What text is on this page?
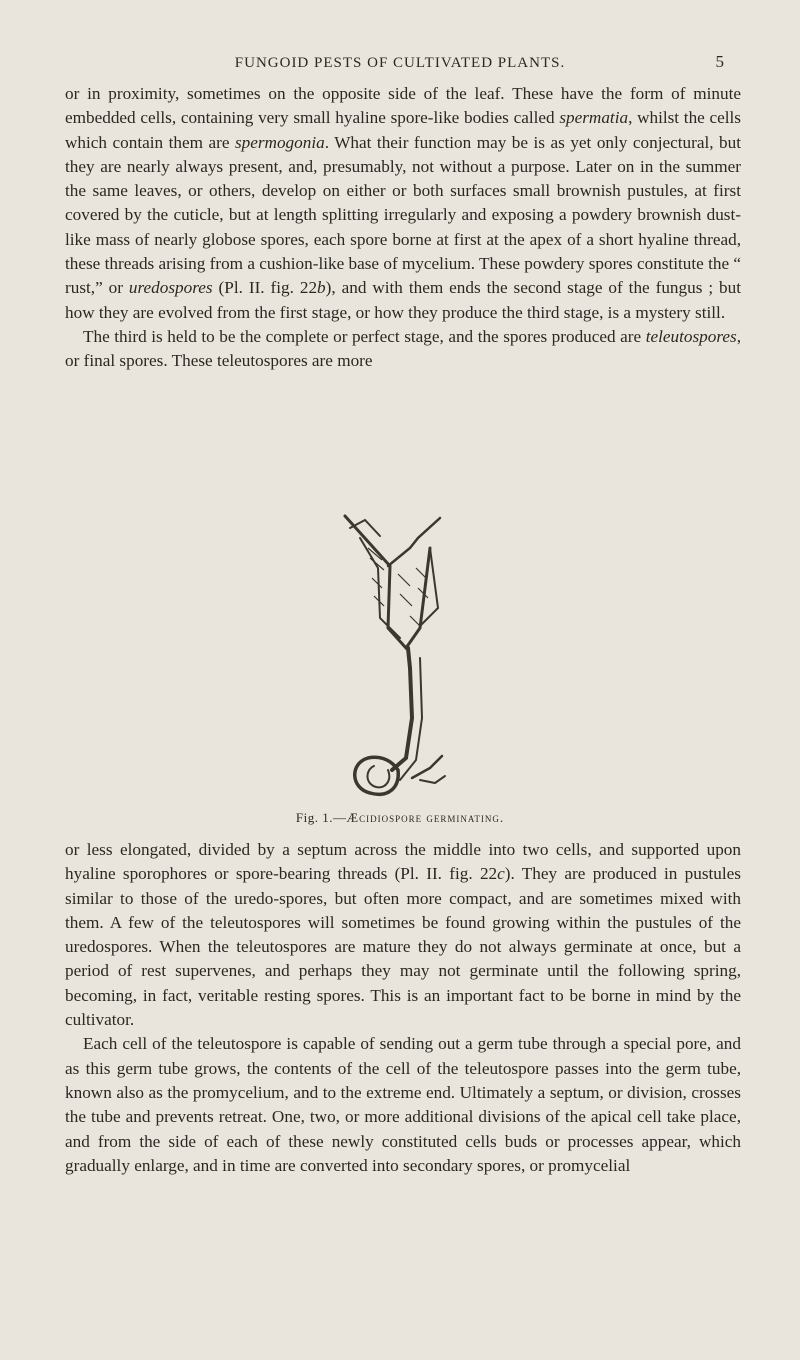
FUNGOID PESTS OF CULTIVATED PLANTS.	5

or in proximity, sometimes on the opposite side of the leaf. These have the form of minute embedded cells, containing very small hyaline spore-like bodies called spermatia, whilst the cells which contain them are spermogonia. What their function may be is as yet only conjectural, but they are nearly always present, and, presumably, not without a purpose. Later on in the summer the same leaves, or others, develop on either or both surfaces small brownish pustules, at first covered by the cuticle, but at length splitting irregularly and exposing a powdery brownish dust-like mass of nearly globose spores, each spore borne at first at the apex of a short hyaline thread, these threads arising from a cushion-like base of mycelium. These powdery spores constitute the “ rust,” or uredospores (Pl. II. fig. 22b), and with them ends the second stage of the fungus ; but how they are evolved from the first stage, or how they produce the third stage, is a mystery still.

The third is held to be the complete or perfect stage, and the spores produced are teleutospores, or final spores. These teleutospores are more

Fig. 1.—Æcidiospore germinating.

or less elongated, divided by a septum across the middle into two cells, and supported upon hyaline sporophores or spore-bearing threads (Pl. II. fig. 22c). They are produced in pustules similar to those of the uredo-spores, but often more compact, and are sometimes mixed with them. A few of the teleutospores will sometimes be found growing within the pustules of the uredospores. When the teleutospores are mature they do not always germinate at once, but a period of rest supervenes, and perhaps they may not germinate until the following spring, becoming, in fact, veritable resting spores. This is an important fact to be borne in mind by the cultivator.

Each cell of the teleutospore is capable of sending out a germ tube through a special pore, and as this germ tube grows, the contents of the cell of the teleutospore passes into the germ tube, known also as the promycelium, and to the extreme end. Ultimately a septum, or division, crosses the tube and prevents retreat. One, two, or more additional divisions of the apical cell take place, and from the side of each of these newly constituted cells buds or processes appear, which gradually enlarge, and in time are converted into secondary spores, or promycelial
